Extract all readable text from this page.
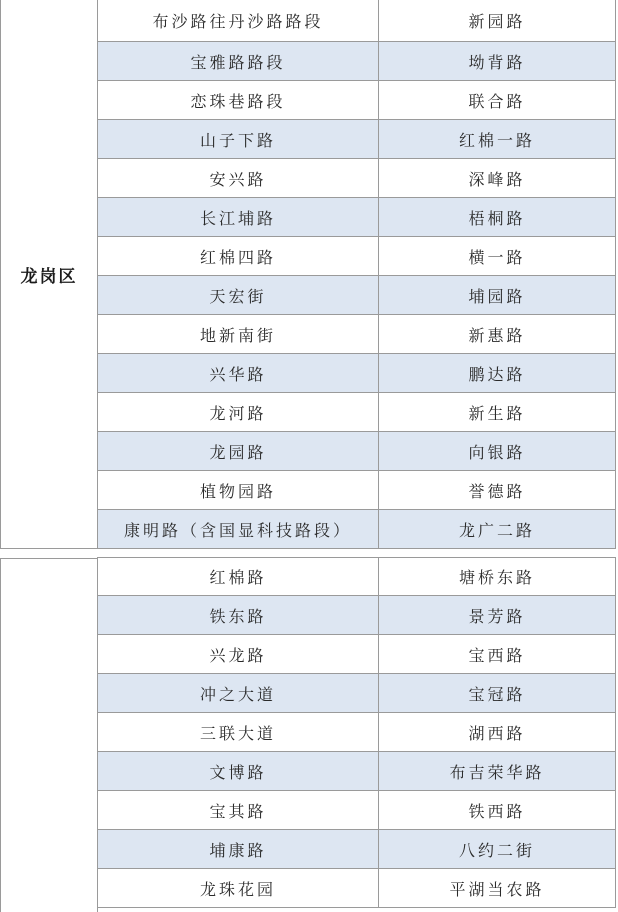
龙岗区
布沙路往丹沙路路段	新园路
宝雅路路段	坳背路
恋珠巷路段	联合路
山子下路	红棉一路
安兴路	深峰路
长江埔路	梧桐路
红棉四路	横一路
天宏街	埔园路
地新南街	新惠路
兴华路	鹏达路
龙河路	新生路
龙园路	向银路
植物园路	誉德路
康明路（含国显科技路段）	龙广二路
红棉路	塘桥东路
铁东路	景芳路
兴龙路	宝西路
冲之大道	宝冠路
三联大道	湖西路
文博路	布吉荣华路
宝其路	铁西路
埔康路	八约二街
龙珠花园	平湖当农路
